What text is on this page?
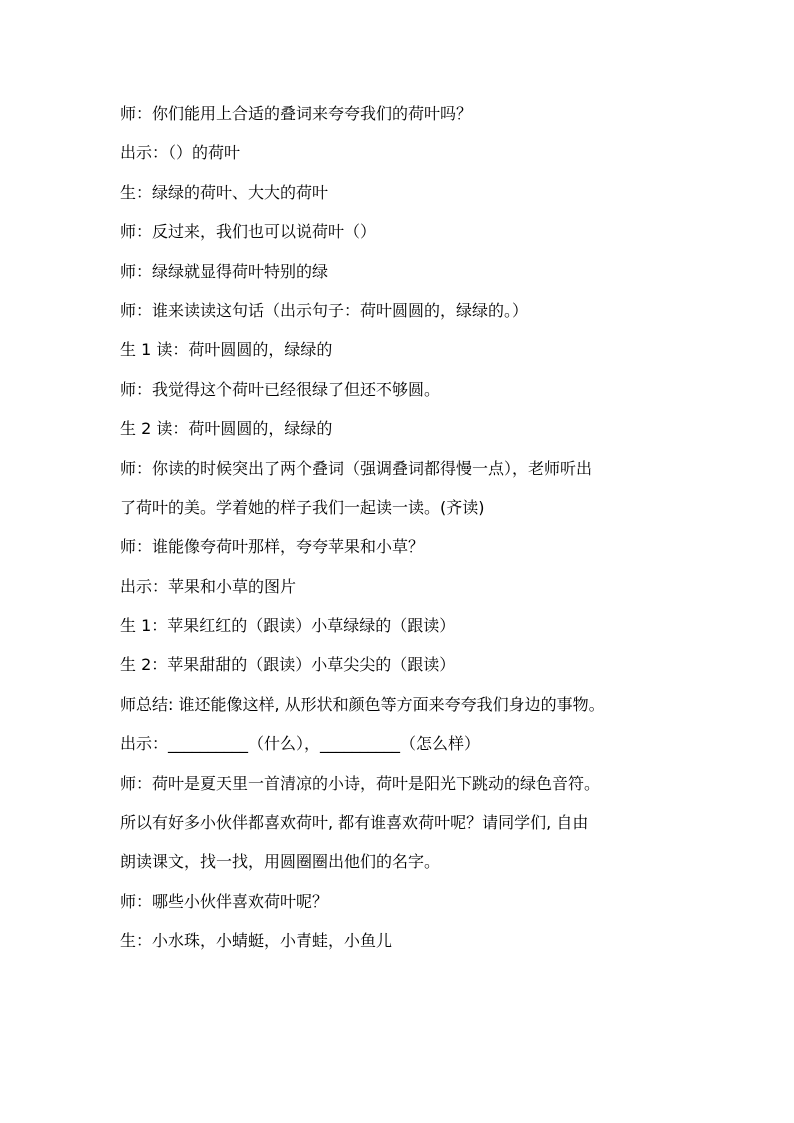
师：你们能用上合适的叠词来夸夸我们的荷叶吗？
出示：（）的荷叶
生：绿绿的荷叶、大大的荷叶
师：反过来，我们也可以说荷叶（）
师：绿绿就显得荷叶特别的绿
师：谁来读读这句话（出示句子：荷叶圆圆的，绿绿的。）
生 1 读：荷叶圆圆的，绿绿的
师：我觉得这个荷叶已经很绿了但还不够圆。
生 2 读：荷叶圆圆的，绿绿的
师：你读的时候突出了两个叠词（强调叠词都得慢一点），老师听出
了荷叶的美。学着她的样子我们一起读一读。(齐读)
师：谁能像夸荷叶那样，夸夸苹果和小草？
出示：苹果和小草的图片
生 1：苹果红红的（跟读）小草绿绿的（跟读）
生 2：苹果甜甜的（跟读）小草尖尖的（跟读）
师总结: 谁还能像这样, 从形状和颜色等方面来夸夸我们身边的事物。
出示：__________（什么），__________（怎么样）
师：荷叶是夏天里一首清凉的小诗，荷叶是阳光下跳动的绿色音符。
所以有好多小伙伴都喜欢荷叶, 都有谁喜欢荷叶呢？请同学们, 自由
朗读课文，找一找，用圆圈圈出他们的名字。
师：哪些小伙伴喜欢荷叶呢？
生：小水珠，小蜻蜓，小青蛙，小鱼儿
